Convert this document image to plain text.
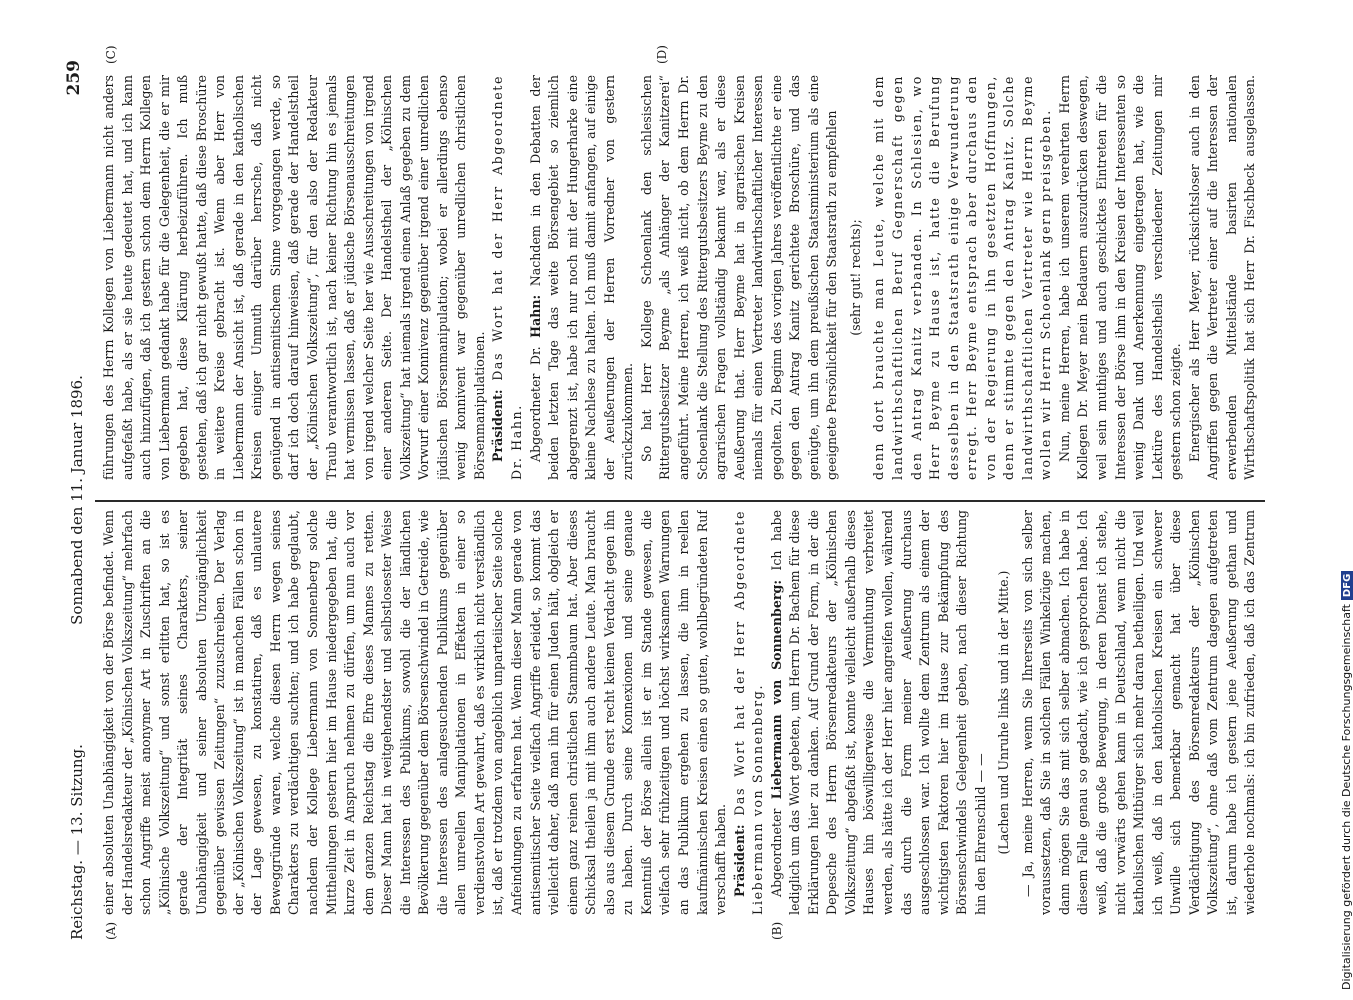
Reichstag. — 13. Sitzung.
Sonnabend den 11. Januar 1896.
259
(A)	(B)
(C)	(D)

einer absoluten Unabhängigkeit von der Börse befindet. Wenn der Handelsredakteur der „Kölnischen Volkszeitung“ mehrfach schon Angriffe meist anonymer Art in Zuschriften an die „Kölnische Volkszeitung“ und sonst erlitten hat, so ist es gerade der Integrität seines Charakters, seiner Unabhängigkeit und seiner absoluten Unzugänglichkeit gegenüber gewissen Zeitungen“ zuzuschreiben. Der Verlag der „Kölnischen Volkszeitung“ ist in manchen Fällen schon in der Lage gewesen, zu konstatiren, daß es unlautere Beweggründe waren, welche diesen Herrn wegen seines Charakters zu verdächtigen suchten; und ich habe geglaubt, nachdem der Kollege Liebermann von Sonnenberg solche Mittheilungen gestern hier im Hause niedergegeben hat, die kurze Zeit in Anspruch nehmen zu dürfen, um nun auch vor dem ganzen Reichstag die Ehre dieses Mannes zu retten. Dieser Mann hat in weitgehendster und selbstlosester Weise die Interessen des Publikums, sowohl die der ländlichen Bevölkerung gegenüber dem Börsenschwindel in Getreide, wie die Interessen des anlagesuchenden Publikums gegenüber allen unreellen Manipulationen in Effekten in einer so verdienstvollen Art gewahrt, daß es wirklich nicht verständlich ist, daß er trotzdem von angeblich unparteiischer Seite solche Anfeindungen zu erfahren hat. Wenn dieser Mann gerade von antisemitischer Seite vielfach Angriffe erleidet, so kommt das vielleicht daher, daß man ihn für einen Juden hält, obgleich er einem ganz reinen christlichen Stammbaum hat. Aber dieses Schicksal theilen ja mit ihm auch andere Leute. Man braucht also aus diesem Grunde erst recht keinen Verdacht gegen ihn zu haben. Durch seine Konnexionen und seine genaue Kenntniß der Börse allein ist er im Stande gewesen, die vielfach sehr frühzeitigen und höchst wirksamen Warnungen an das Publikum ergehen zu lassen, die ihm in reellen kaufmännischen Kreisen einen so guten, wohlbegründeten Ruf verschafft haben. Präsident: Das Wort hat der Herr Abgeordnete Liebermann von Sonnenberg. Abgeordneter Liebermann von Sonnenberg: Ich habe lediglich um das Wort gebeten, um Herrn Dr. Bachem für diese Erklärungen hier zu danken. Auf Grund der Form, in der die Depesche des Herrn Börsenredakteurs der „Kölnischen Volkszeitung“ abgefaßt ist, konnte vielleicht außerhalb dieses Hauses hin böswilligerweise die Vermuthung verbreitet werden, als hätte ich der Herr hier angreifen wollen, während das durch die Form meiner Aeußerung durchaus ausgeschlossen war. Ich wollte dem Zentrum als einem der wichtigsten Faktoren hier im Hause zur Bekämpfung des Börsenschwindels Gelegenheit geben, nach dieser Richtung hin den Ehrenschild — — (Lachen und Unruhe links und in der Mitte.)

— Ja, meine Herren, wenn Sie Ihrerseits von sich selber voraussetzen, daß Sie in solchen Fällen Winkelzüge machen, dann mögen Sie das mit sich selber abmachen. Ich habe in diesem Falle genau so gedacht, wie ich gesprochen habe. Ich weiß, daß die große Bewegung, in deren Dienst ich stehe, nicht vorwärts gehen kann in Deutschland, wenn nicht die katholischen Mitbürger sich mehr daran betheiligen. Und weil ich weiß, daß in den katholischen Kreisen ein schwerer Unwille sich bemerkbar gemacht hat über diese Verdächtigung des Börsenredakteurs der „Kölnischen Volkszeitung“, ohne daß vom Zentrum dagegen aufgetreten ist, darum habe ich gestern jene Aeußerung gethan und wiederhole nochmals: ich bin zufrieden, daß ich das Zentrum

führungen des Herrn Kollegen von Liebermann nicht anders aufgefaßt habe, als er sie heute gedeutet hat, und ich kann auch hinzufügen, daß ich gestern schon dem Herrn Kollegen von Liebermann gedankt habe für die Gelegenheit, die er mir gegeben hat, diese Klärung herbeizuführen. Ich muß gestehen, daß ich gar nicht gewußt hatte, daß diese Broschüre in weitere Kreise gebracht ist. Wenn aber Herr von Liebermann der Ansicht ist, daß gerade in den katholischen Kreisen einiger Unmuth darüber herrsche, daß nicht genügend in antisemitischem Sinne vorgegangen werde, so darf ich doch darauf hinweisen, daß gerade der Handelstheil der „Kölnischen Volkszeitung“, für den also der Redakteur Traub verantwortlich ist, nach keiner Richtung hin es jemals hat vermissen lassen, daß er jüdische Börsenausschreitungen von irgend welcher Seite her wie Ausschreitungen von irgend einer anderen Seite. Der Handelstheil der „Kölnischen Volkszeitung“ hat niemals irgend einen Anlaß gegeben zu dem Vorwurf einer Konnivenz gegenüber irgend einer unredlichen jüdischen Börsenmanipulation; wobei er allerdings ebenso wenig konnivent war gegenüber unredlichen christlichen Börsenmanipulationen. Präsident: Das Wort hat der Herr Abgeordnete Dr. Hahn. Abgeordneter Dr. Hahn: Nachdem in den Debatten der beiden letzten Tage das weite Börsengebiet so ziemlich abgegrenzt ist, habe ich nur noch mit der Hungerharke eine kleine Nachlese zu halten. Ich muß damit anfangen, auf einige der Aeußerungen der Herren Vorredner von gestern zurückzukommen. So hat Herr Kollege Schoenlank den schlesischen Rittergutsbesitzer Beyme „als Anhänger der Kanitzerei“ angeführt. Meine Herren, ich weiß nicht, ob dem Herrn Dr. Schoenlank die Stellung des Rittergutsbesitzers Beyme zu den agrarischen Fragen vollständig bekannt war, als er diese Aeußerung that. Herr Beyme hat in agrarischen Kreisen niemals für einen Vertreter landwirthschaftlicher Interessen gegolten. Zu Beginn des vorigen Jahres veröffentlichte er eine gegen den Antrag Kanitz gerichtete Broschüre, und das genügte, um ihn dem preußischen Staatsministerium als eine geeignete Persönlichkeit für den Staatsrath zu empfehlen (sehr gut! rechts); denn dort brauchte man Leute, welche mit dem landwirthschaftlichen Beruf Gegnerschaft gegen den Antrag Kanitz verbanden. In Schlesien, wo Herr Beyme zu Hause ist, hatte die Berufung desselben in den Staatsrath einige Verwunderung erregt. Herr Beyme entsprach aber durchaus den von der Regierung in ihn gesetzten Hoffnungen, denn er stimmte gegen den Antrag Kanitz. Solche landwirthschaftlichen Vertreter wie Herrn Beyme wollen wir Herrn Schoenlank gern preisgeben. Nun, meine Herren, habe ich unserem verehrten Herrn Kollegen Dr. Meyer mein Bedauern auszudrücken deswegen, weil sein muthiges und auch geschicktes Eintreten für die Interessen der Börse ihm in den Kreisen der Interessenten so wenig Dank und Anerkennung eingetragen hat, wie die Lektüre des Handelstheils verschiedener Zeitungen mir gestern schon zeigte. Energischer als Herr Meyer, rücksichtsloser auch in den Angriffen gegen die Vertreter einer auf die Interessen der erwerbenden Mittelstände basirten nationalen Wirthschaftspolitik hat sich Herr Dr. Fischbeck ausgelassen.

Digitalisierung gefördert durch die Deutsche ForschungsgemeinschaftDFG
